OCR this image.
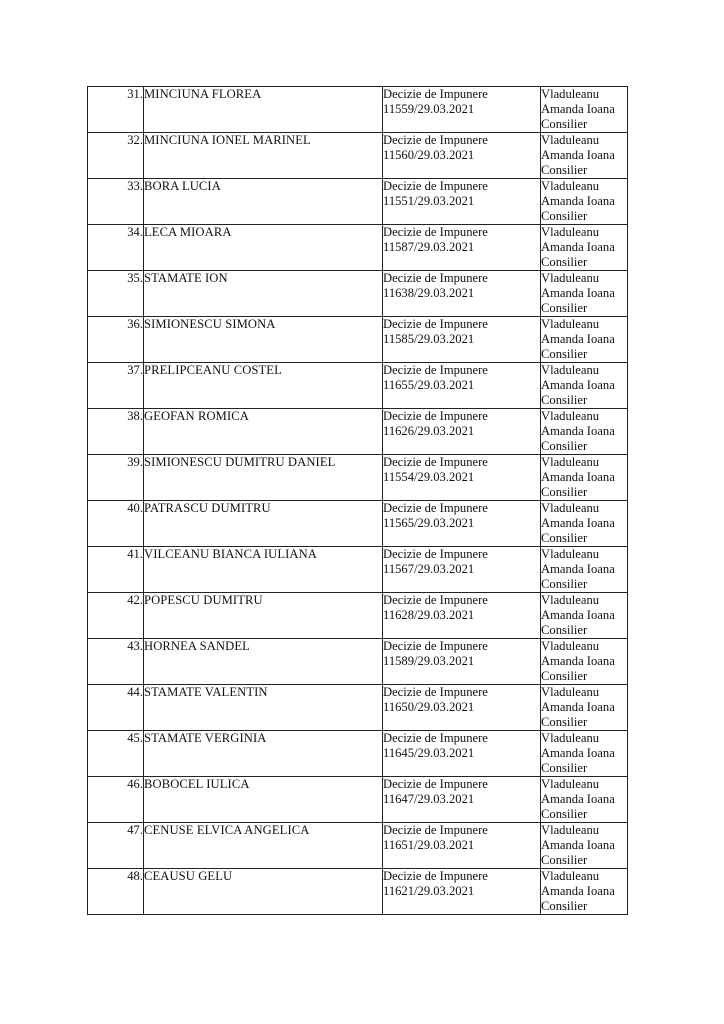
31.	MINCIUNA FLOREA	Decizie de Impunere
11559/29.03.2021	Vladuleanu
Amanda Ioana
Consilier

32.	MINCIUNA IONEL MARINEL	Decizie de Impunere
11560/29.03.2021	Vladuleanu
Amanda Ioana
Consilier

33.	BORA LUCIA	Decizie de Impunere
11551/29.03.2021	Vladuleanu
Amanda Ioana
Consilier

34.	LECA MIOARA	Decizie de Impunere
11587/29.03.2021	Vladuleanu
Amanda Ioana
Consilier

35.	STAMATE ION	Decizie de Impunere
11638/29.03.2021	Vladuleanu
Amanda Ioana
Consilier

36.	SIMIONESCU SIMONA	Decizie de Impunere
11585/29.03.2021	Vladuleanu
Amanda Ioana
Consilier

37.	PRELIPCEANU COSTEL	Decizie de Impunere
11655/29.03.2021	Vladuleanu
Amanda Ioana
Consilier

38.	GEOFAN ROMICA	Decizie de Impunere
11626/29.03.2021	Vladuleanu
Amanda Ioana
Consilier

39.	SIMIONESCU DUMITRU DANIEL	Decizie de Impunere
11554/29.03.2021	Vladuleanu
Amanda Ioana
Consilier

40.	PATRASCU DUMITRU	Decizie de Impunere
11565/29.03.2021	Vladuleanu
Amanda Ioana
Consilier

41.	VILCEANU BIANCA IULIANA	Decizie de Impunere
11567/29.03.2021	Vladuleanu
Amanda Ioana
Consilier

42.	POPESCU DUMITRU	Decizie de Impunere
11628/29.03.2021	Vladuleanu
Amanda Ioana
Consilier

43.	HORNEA SANDEL	Decizie de Impunere
11589/29.03.2021	Vladuleanu
Amanda Ioana
Consilier

44.	STAMATE VALENTIN	Decizie de Impunere
11650/29.03.2021	Vladuleanu
Amanda Ioana
Consilier

45.	STAMATE VERGINIA	Decizie de Impunere
11645/29.03.2021	Vladuleanu
Amanda Ioana
Consilier

46.	BOBOCEL IULICA	Decizie de Impunere
11647/29.03.2021	Vladuleanu
Amanda Ioana
Consilier

47.	CENUSE ELVICA ANGELICA	Decizie de Impunere
11651/29.03.2021	Vladuleanu
Amanda Ioana
Consilier

48.	CEAUSU GELU	Decizie de Impunere
11621/29.03.2021	Vladuleanu
Amanda Ioana
Consilier
